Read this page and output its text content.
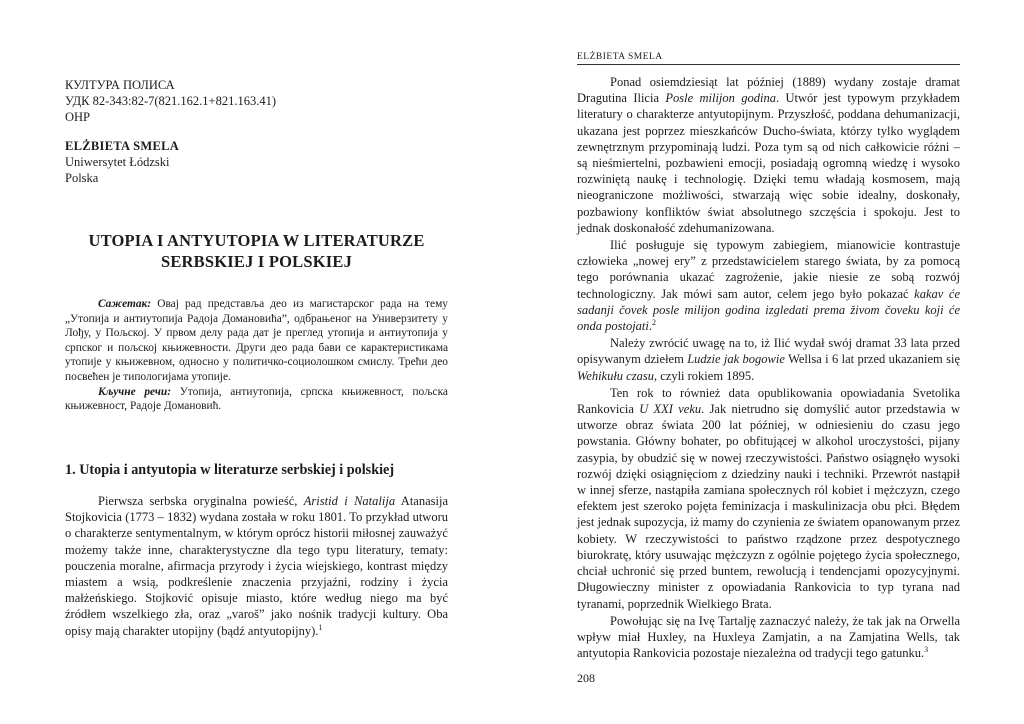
КУЛТУРА ПОЛИСА
УДК 82-343:82-7(821.162.1+821.163.41)
ОНР
ELŻBIETA SMELA
Uniwersytet Łódzski
Polska
UTOPIA I ANTYUTOPIA W LITERATURZE
SERBSKIEJ I POLSKIEJ

Сажетак: Овај рад представља део из магистарског рада на тему „Утопија и антиутопија Радоја Домановића”, одбрањеног на Универзитету у Лођу, у Пољској. У првом делу рада дат је преглед утопија и антиутопија у српског и пољској књижевности. Други део рада бави се карактеристикама утопије у књижевном, односно у политичко-социолошком смислу. Трећи део посвећен је типологијама утопије.

Кључне речи: Утопија, антиутопија, српска књижевност, пољска књижевност, Радоје Домановић.

1. Utopia i antyutopia w literaturze serbskiej i polskiej

Pierwsza serbska oryginalna powieść, Aristid i Natalija Atanasija Stojkovicia (1773 – 1832) wydana została w roku 1801. To przykład utworu o charakterze sentymentalnym, w którym oprócz historii miłosnej zauważyć możemy także inne, charakterystyczne dla tego typu literatury, tematy: pouczenia moralne, afirmacja przyrody i życia wiejskiego, kontrast między miastem a wsią, podkreślenie znaczenia przyjaźni, rodziny i życia małżeńskiego. Stojković opisuje miasto, które według niego ma być źródłem wszelkiego zła, oraz „varoš” jako nośnik tradycji kultury. Oba opisy mają charakter utopijny (bądź antyutopijny).$^1$

ELŻBIETA SMELA

Ponad osiemdziesiąt lat później (1889) wydany zostaje dramat Dragutina Ilicia Posle milijon godina. Utwór jest typowym przykładem literatury o charakterze antyutopijnym. Przyszłość, poddana dehumanizacji, ukazana jest poprzez mieszkańców Ducho-świata, którzy tylko wyglądem zewnętrznym przypominają ludzi. Poza tym są od nich całkowicie różni – są nieśmiertelni, pozbawieni emocji, posiadają ogromną wiedzę i wysoko rozwiniętą naukę i technologię. Dzięki temu władają kosmosem, mają nieograniczone możliwości, stwarzają więc sobie idealny, doskonały, pozbawiony konfliktów świat absolutnego szczęścia i spokoju. Jest to jednak doskonałość zdehumanizowana.

Ilić posługuje się typowym zabiegiem, mianowicie kontrastuje człowieka „nowej ery” z przedstawicielem starego świata, by za pomocą tego porównania ukazać zagrożenie, jakie niesie ze sobą rozwój technologiczny. Jak mówi sam autor, celem jego było pokazać kakav će sadanji čovek posle milijon godina izgledati prema živom čoveku koji će onda postojati.$^2$

Należy zwrócić uwagę na to, iż Ilić wydał swój dramat 33 lata przed opisywanym dziełem Ludzie jak bogowie Wellsa i 6 lat przed ukazaniem się Wehikułu czasu, czyli rokiem 1895.

Ten rok to również data opublikowania opowiadania Svetolika Rankovicia U XXI veku. Jak nietrudno się domyślić autor przedstawia w utworze obraz świata 200 lat później, w odniesieniu do czasu jego powstania. Główny bohater, po obfitującej w alkohol uroczystości, pijany zasypia, by obudzić się w nowej rzeczywistości. Państwo osiągnęło wysoki rozwój dzięki osiągnięciom z dziedziny nauki i techniki. Przewrót nastąpił w innej sferze, nastąpiła zamiana społecznych ról kobiet i mężczyzn, czego efektem jest szeroko pojęta feminizacja i maskulinizacja obu płci. Błędem jest jednak supozycja, iż mamy do czynienia ze światem opanowanym przez kobiety. W rzeczywistości to państwo rządzone przez despotycznego biurokratę, który usuwając mężczyzn z ogólnie pojętego życia społecznego, chciał uchronić się przed buntem, rewolucją i tendencjami opozycyjnymi. Długowieczny minister z opowiadania Rankovicia to typ tyrana nad tyranami, poprzednik Wielkiego Brata.

Powołując się na Ivę Tartalję zaznaczyć należy, że tak jak na Orwella wpływ miał Huxley, na Huxleya Zamjatin, a na Zamjatina Wells, tak antyutopia Rankovicia pozostaje niezależna od tradycji tego gatunku.$^3$

208
